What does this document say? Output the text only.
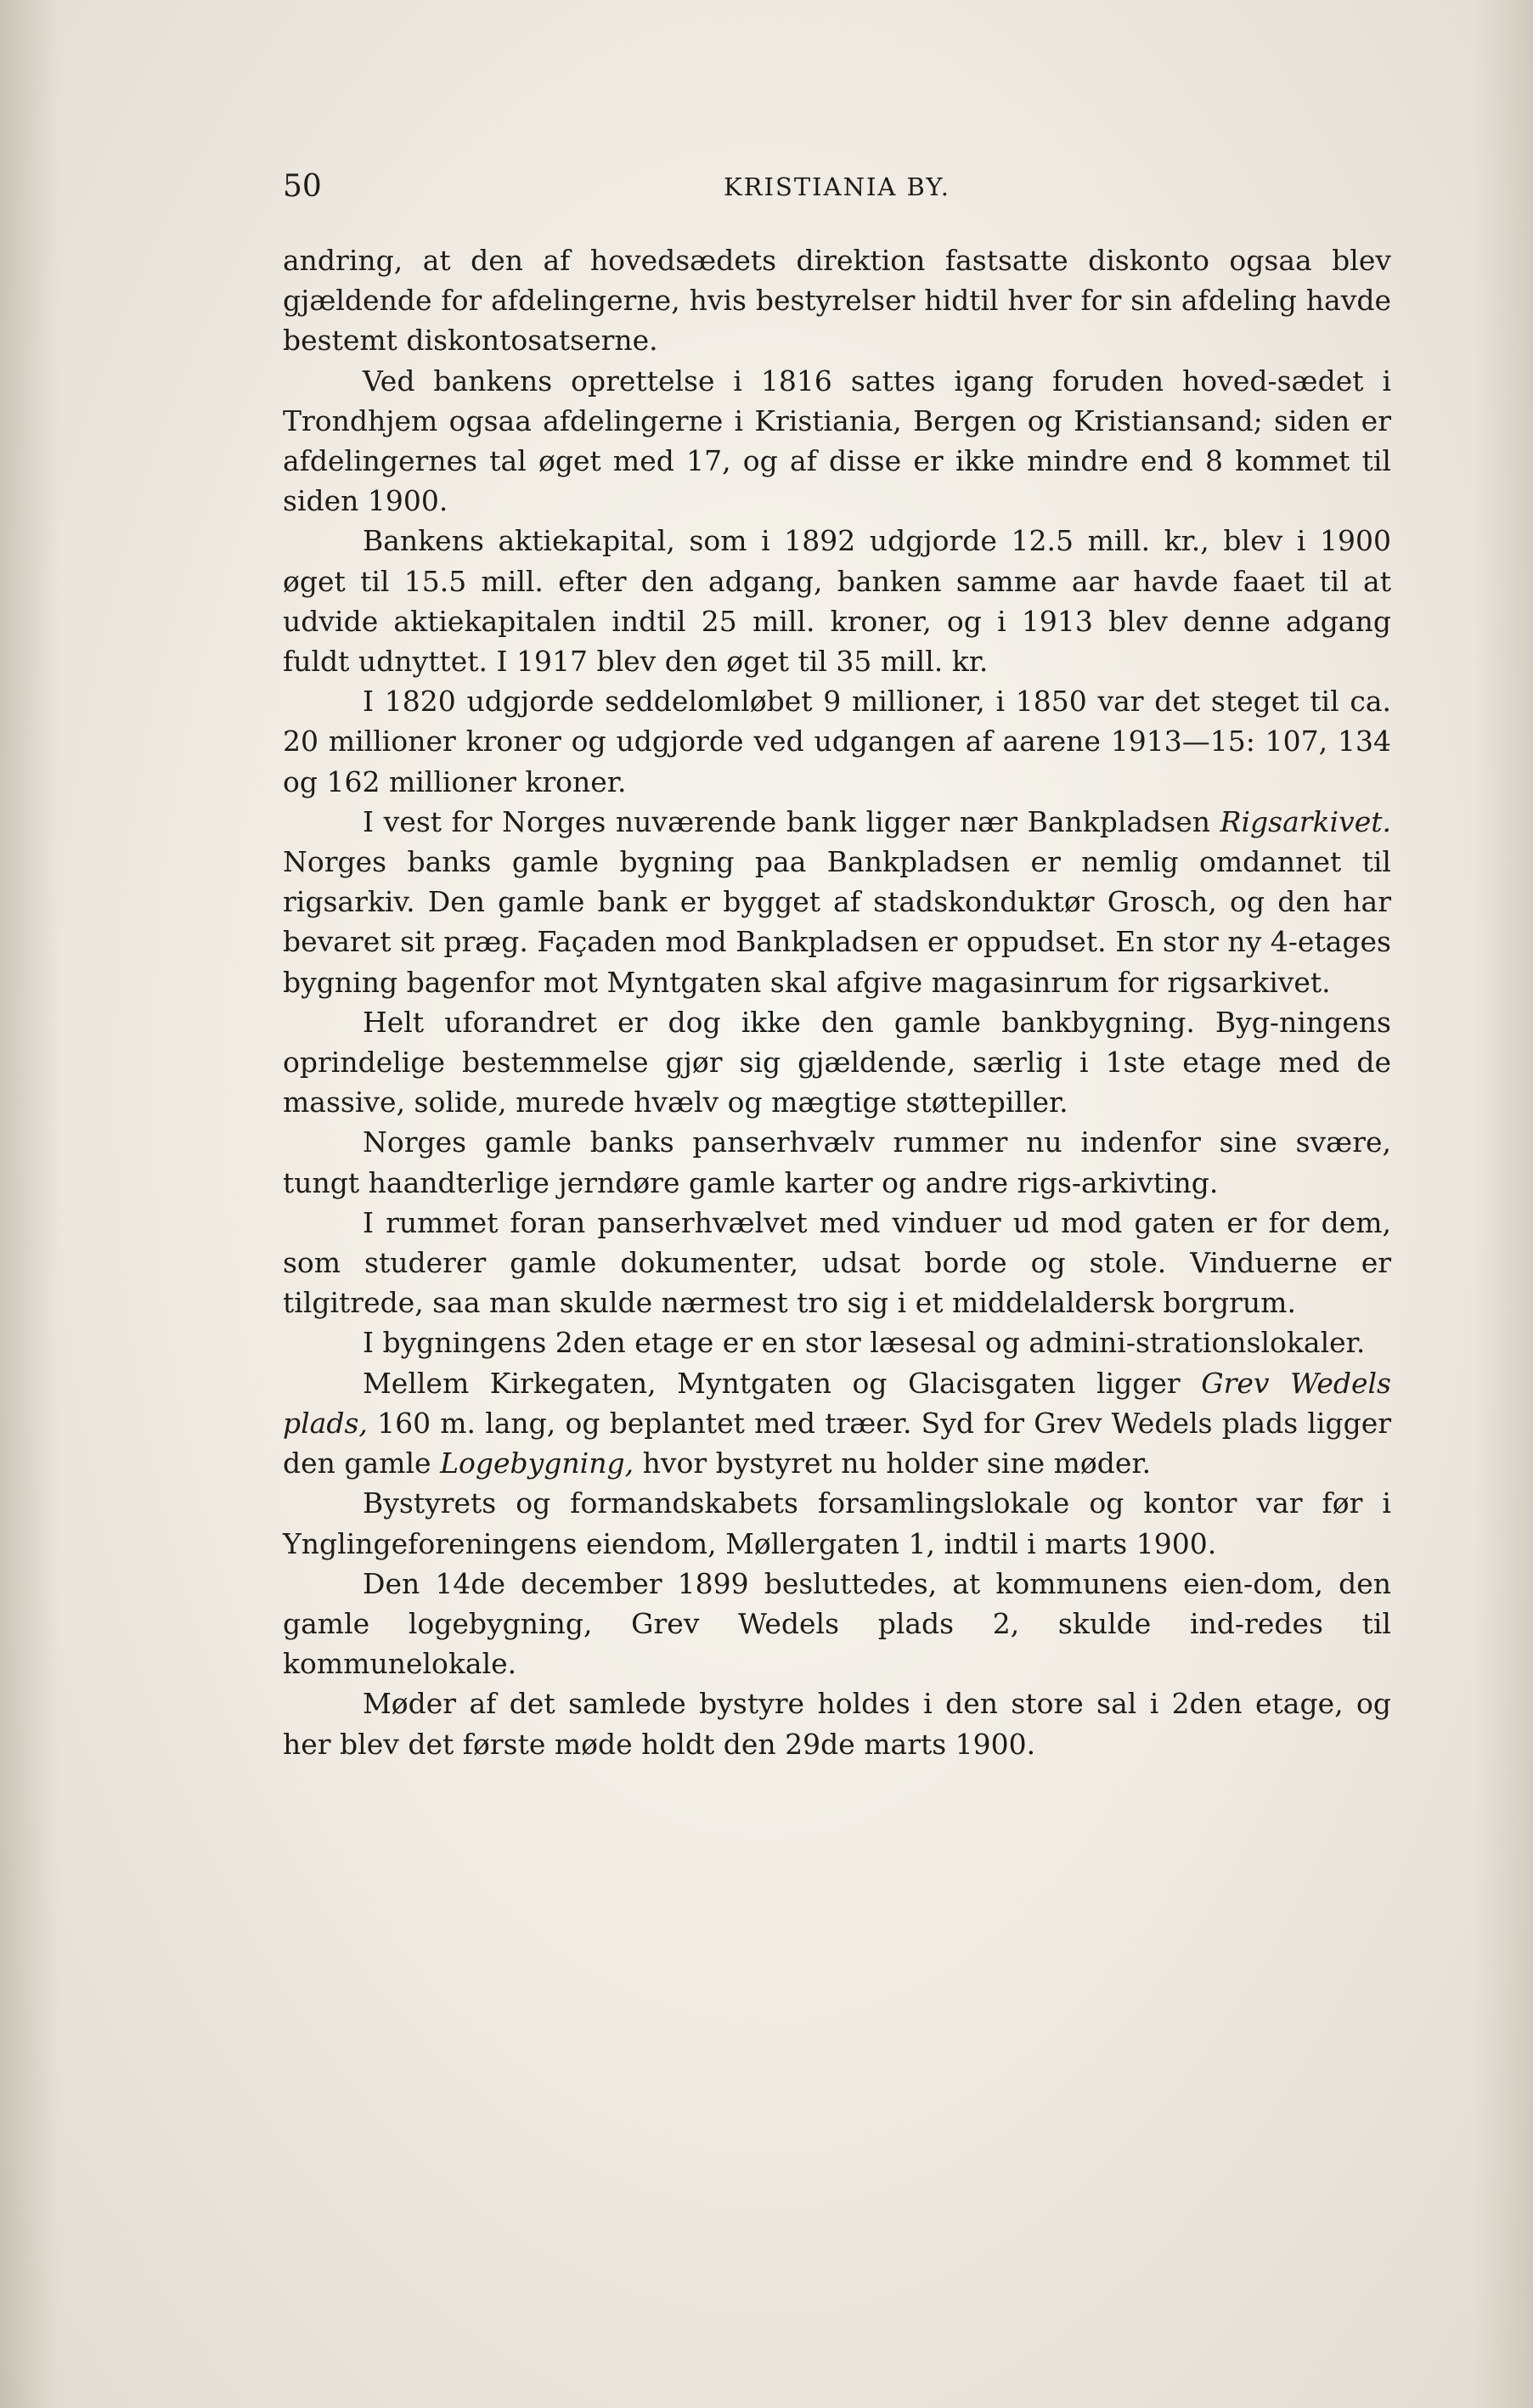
KRISTIANIA BY.
50

andring, at den af hovedsædets direktion fastsatte diskonto ogsaa blev gjældende for afdelingerne, hvis bestyrelser hidtil hver for sin afdeling havde bestemt diskontosatserne.

Ved bankens oprettelse i 1816 sattes igang foruden hoved-sædet i Trondhjem ogsaa afdelingerne i Kristiania, Bergen og Kristiansand; siden er afdelingernes tal øget med 17, og af disse er ikke mindre end 8 kommet til siden 1900.

Bankens aktiekapital, som i 1892 udgjorde 12.5 mill. kr., blev i 1900 øget til 15.5 mill. efter den adgang, banken samme aar havde faaet til at udvide aktiekapitalen indtil 25 mill. kroner, og i 1913 blev denne adgang fuldt udnyttet. I 1917 blev den øget til 35 mill. kr.

I 1820 udgjorde seddelomløbet 9 millioner, i 1850 var det steget til ca. 20 millioner kroner og udgjorde ved udgangen af aarene 1913—15: 107, 134 og 162 millioner kroner.

I vest for Norges nuværende bank ligger nær Bankpladsen Rigsarkivet. Norges banks gamle bygning paa Bankpladsen er nemlig omdannet til rigsarkiv. Den gamle bank er bygget af stadskonduktør Grosch, og den har bevaret sit præg. Façaden mod Bankpladsen er oppudset. En stor ny 4-etages bygning bagenfor mot Myntgaten skal afgive magasinrum for rigsarkivet.

Helt uforandret er dog ikke den gamle bankbygning. Byg-ningens oprindelige bestemmelse gjør sig gjældende, særlig i 1ste etage med de massive, solide, murede hvælv og mægtige støttepiller.

Norges gamle banks panserhvælv rummer nu indenfor sine svære, tungt haandterlige jerndøre gamle karter og andre rigs-arkivting.

I rummet foran panserhvælvet med vinduer ud mod gaten er for dem, som studerer gamle dokumenter, udsat borde og stole. Vinduerne er tilgitrede, saa man skulde nærmest tro sig i et middelaldersk borgrum.

I bygningens 2den etage er en stor læsesal og admini-strationslokaler.

Mellem Kirkegaten, Myntgaten og Glacisgaten ligger Grev Wedels plads, 160 m. lang, og beplantet med træer. Syd for Grev Wedels plads ligger den gamle Logebygning, hvor bystyret nu holder sine møder.

Bystyrets og formandskabets forsamlingslokale og kontor var før i Ynglingeforeningens eiendom, Møllergaten 1, indtil i marts 1900.

Den 14de december 1899 besluttedes, at kommunens eien-dom, den gamle logebygning, Grev Wedels plads 2, skulde ind-redes til kommunelokale.

Møder af det samlede bystyre holdes i den store sal i 2den etage, og her blev det første møde holdt den 29de marts 1900.
